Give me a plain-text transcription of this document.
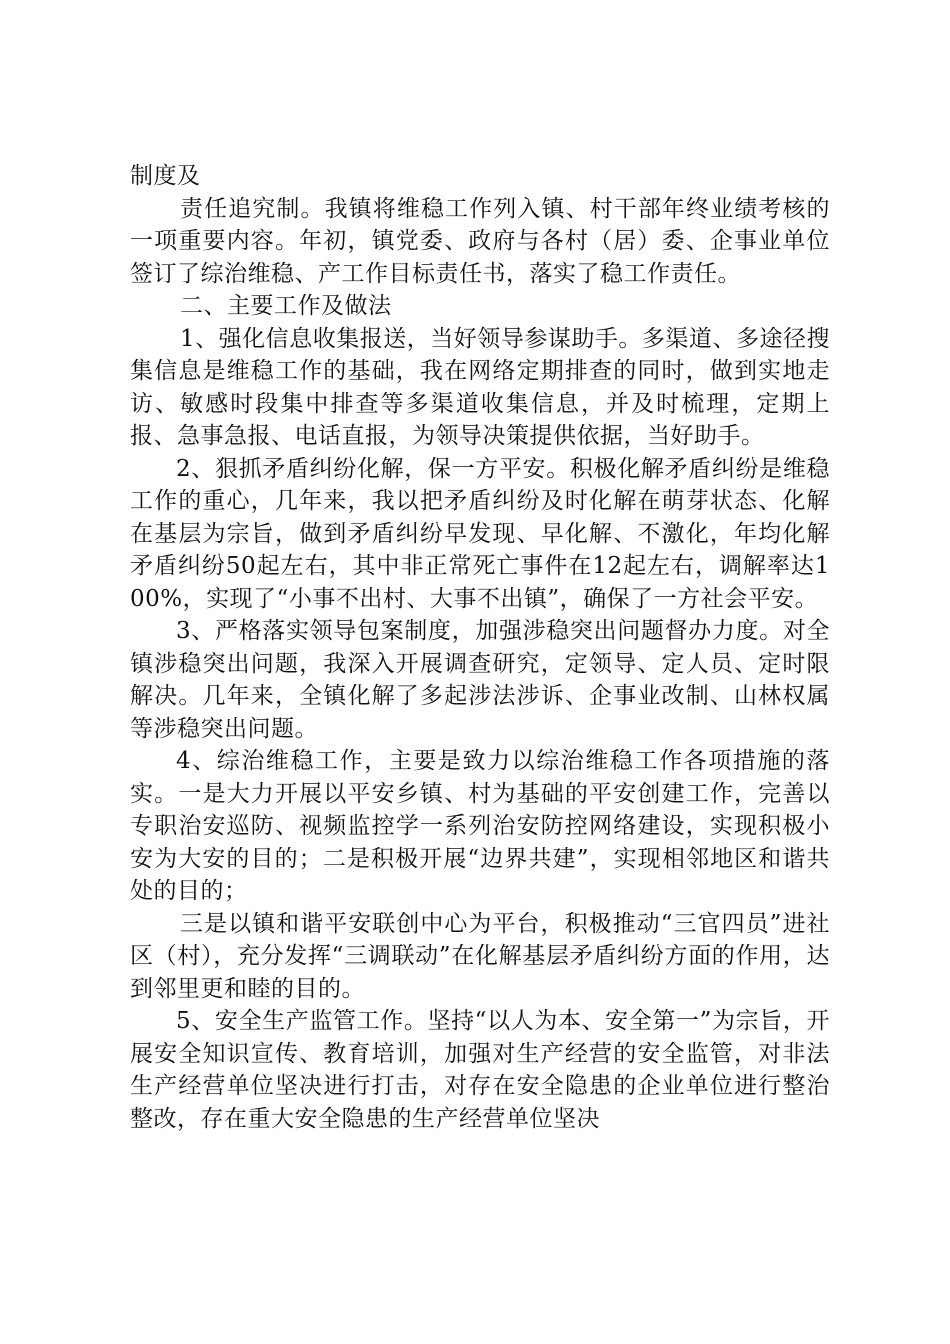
制度及

责任追究制。我镇将维稳工作列入镇、村干部年终业绩考核的一项重要内容。年初，镇党委、政府与各村（居）委、企事业单位签订了综治维稳、产工作目标责任书，落实了稳工作责任。

二、主要工作及做法

1、强化信息收集报送，当好领导参谋助手。多渠道、多途径搜集信息是维稳工作的基础，我在网络定期排查的同时，做到实地走访、敏感时段集中排查等多渠道收集信息，并及时梳理，定期上报、急事急报、电话直报，为领导决策提供依据，当好助手。

2、狠抓矛盾纠纷化解，保一方平安。积极化解矛盾纠纷是维稳工作的重心，几年来，我以把矛盾纠纷及时化解在萌芽状态、化解在基层为宗旨，做到矛盾纠纷早发现、早化解、不激化，年均化解矛盾纠纷50起左右，其中非正常死亡事件在12起左右，调解率达100%，实现了“小事不出村、大事不出镇”，确保了一方社会平安。

3、严格落实领导包案制度，加强涉稳突出问题督办力度。对全镇涉稳突出问题，我深入开展调查研究，定领导、定人员、定时限解决。几年来，全镇化解了多起涉法涉诉、企事业改制、山林权属等涉稳突出问题。

4、综治维稳工作，主要是致力以综治维稳工作各项措施的落实。一是大力开展以平安乡镇、村为基础的平安创建工作，完善以专职治安巡防、视频监控学一系列治安防控网络建设，实现积极小安为大安的目的；二是积极开展“边界共建”，实现相邻地区和谐共处的目的；

三是以镇和谐平安联创中心为平台，积极推动“三官四员”进社区（村），充分发挥“三调联动”在化解基层矛盾纠纷方面的作用，达到邻里更和睦的目的。

5、安全生产监管工作。坚持“以人为本、安全第一”为宗旨，开展安全知识宣传、教育培训，加强对生产经营的安全监管，对非法生产经营单位坚决进行打击，对存在安全隐患的企业单位进行整治整改，存在重大安全隐患的生产经营单位坚决
